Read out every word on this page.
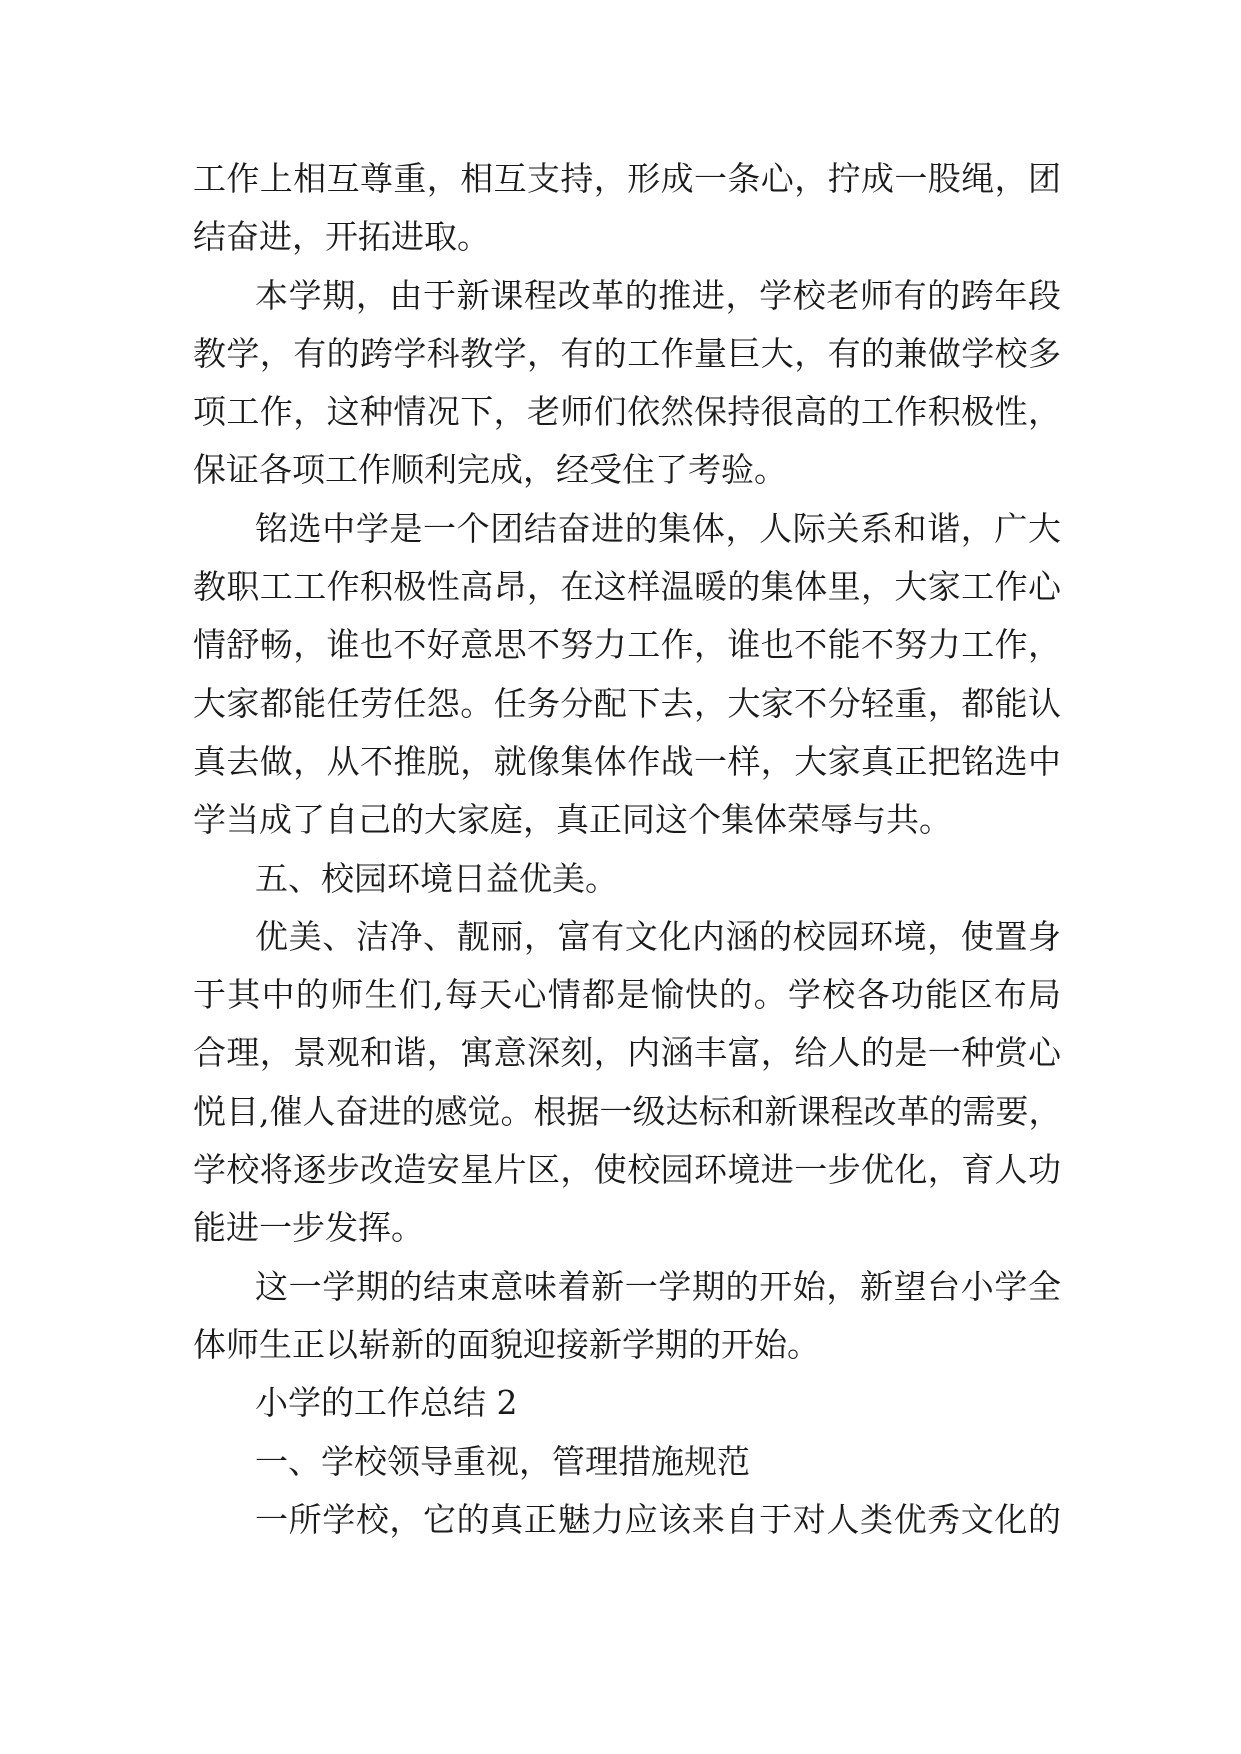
工作上相互尊重，相互支持，形成一条心，拧成一股绳，团
结奋进，开拓进取。
本学期，由于新课程改革的推进，学校老师有的跨年段
教学，有的跨学科教学，有的工作量巨大，有的兼做学校多
项工作，这种情况下，老师们依然保持很高的工作积极性，
保证各项工作顺利完成，经受住了考验。
铭选中学是一个团结奋进的集体，人际关系和谐，广大
教职工工作积极性高昂，在这样温暖的集体里，大家工作心
情舒畅，谁也不好意思不努力工作，谁也不能不努力工作，
大家都能任劳任怨。任务分配下去，大家不分轻重，都能认
真去做，从不推脱，就像集体作战一样，大家真正把铭选中
学当成了自己的大家庭，真正同这个集体荣辱与共。
五、校园环境日益优美。
优美、洁净、靓丽，富有文化内涵的校园环境，使置身
于其中的师生们,每天心情都是愉快的。学校各功能区布局
合理，景观和谐，寓意深刻，内涵丰富，给人的是一种赏心
悦目,催人奋进的感觉。根据一级达标和新课程改革的需要，
学校将逐步改造安星片区，使校园环境进一步优化，育人功
能进一步发挥。
这一学期的结束意味着新一学期的开始，新望台小学全
体师生正以崭新的面貌迎接新学期的开始。
小学的工作总结 2
一、学校领导重视，管理措施规范
一所学校，它的真正魅力应该来自于对人类优秀文化的
